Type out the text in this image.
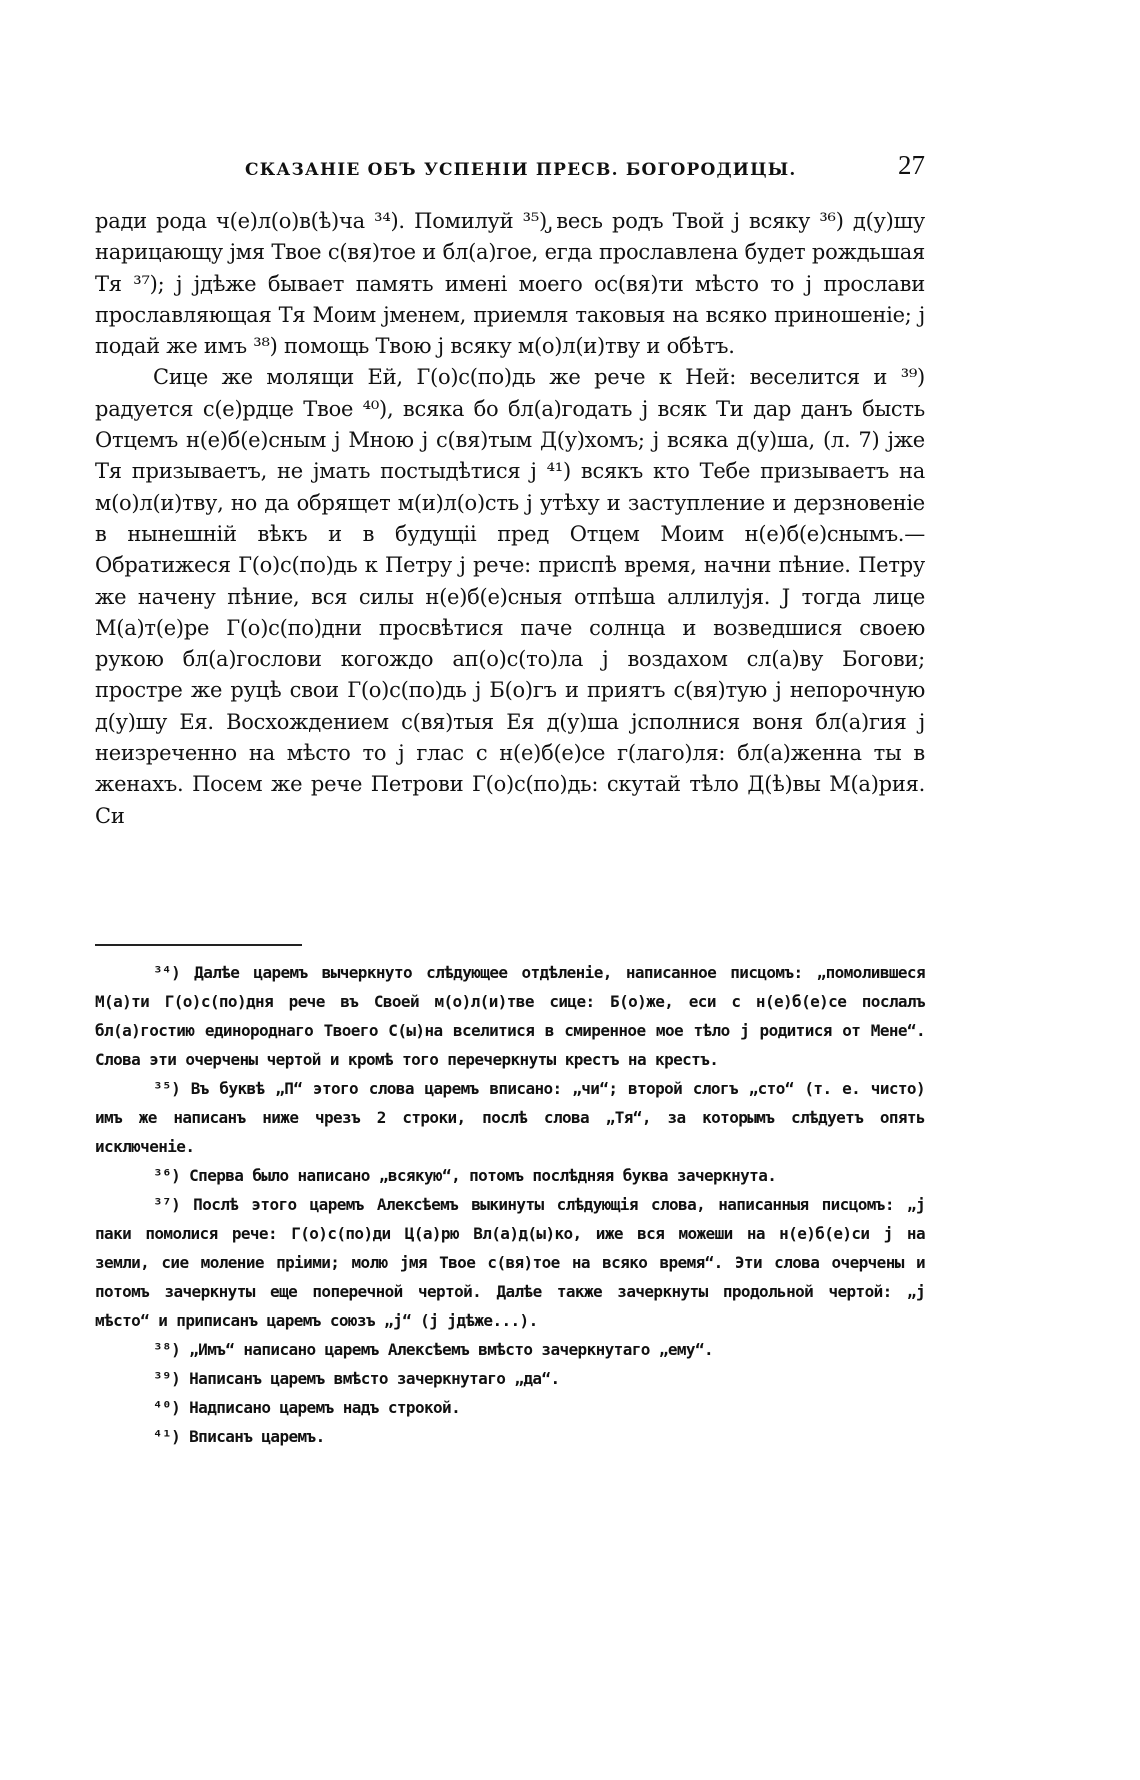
СКАЗАНІЕ ОБЪ УСПЕНІИ ПРЕСВ. БОГОРОДИЦЫ.	27

ради рода ч(е)л(о)в(ѣ)ча ³⁴). Помилуй ³⁵) ̡весь родъ Твой ј всяку ³⁶) д(у)шу нарицающу јмя Твое с(вя)тое и бл(а)гое, егда прославлена будет рождьшая Тя ³⁷); ј јдѣже бывает память имені моего ос(вя)ти мѣсто то ј прослави прославляющая Тя Моим јменем, приемля таковыя на всяко приношеніе; ј подай же имъ ³⁸) помощь Твою ј всяку м(о)л(и)тву и обѣтъ.

Сице же молящи Ей, Г(о)с(по)дь же рече к Ней: веселится и ³⁹) радуется с(е)рдце Твое ⁴⁰), всяка бо бл(а)годать ј всяк Ти дар данъ бысть Отцемъ н(е)б(е)сным ј Мною ј с(вя)тым Д(у)хомъ; ј всяка д(у)ша, (л. 7) јже Тя призываетъ, не јмать постыдѣтися ј ⁴¹) всякъ кто Тебе призываетъ на м(о)л(и)тву, но да обрящет м(и)л(о)сть ј утѣху и заступление и дерзновеніе в нынешній вѣкъ и в будущіі пред Отцем Моим н(е)б(е)снымъ.—Обратижеся Г(о)с(по)дь к Петру ј рече: приспѣ время, начни пѣние. Петру же начену пѣние, вся силы н(е)б(е)сныя отпѣша аллилујя. Ј тогда лице М(а)т(е)ре Г(о)с(по)дни просвѣтися паче солнца и возведшися своею рукою бл(а)гослови когождо ап(о)с(то)ла ј воздахом сл(а)ву Богови; простре же руцѣ свои Г(о)с(по)дь ј Б(о)гъ и приятъ с(вя)тую ј непорочную д(у)шу Ея. Восхождением с(вя)тыя Ея д(у)ша јсполнися воня бл(а)гия ј неизреченно на мѣсто то ј глас с н(е)б(е)се г(лаго)ля: бл(а)женна ты в женахъ. Посем же рече Петрови Г(о)с(по)дь: скутай тѣло Д(ѣ)вы М(а)рия. Си

³⁴) Далѣе царемъ вычеркнуто слѣдующее отдѣленіе, написанное писцомъ: „помолившеся М(а)ти Г(о)с(по)дня рече въ Своей м(о)л(и)тве сице: Б(о)же, еси с н(е)б(е)се послалъ бл(а)гостию единороднаго Твоего С(ы)на вселитися в смиренное мое тѣло ј родитися от Мене“. Слова эти очерчены чертой и кромѣ того перечеркнуты крестъ на крестъ.

³⁵) Въ буквѣ „П“ этого слова царемъ вписано: „чи“; второй слогъ „сто“ (т. е. чисто) имъ же написанъ ниже чрезъ 2 строки, послѣ слова „Тя“, за которымъ слѣдуетъ опять исключеніе.

³⁶) Сперва было написано „всякую“, потомъ послѣдняя буква зачеркнута.

³⁷) Послѣ этого царемъ Алексѣемъ выкинуты слѣдующія слова, написанныя писцомъ: „ј паки помолися рече: Г(о)с(по)ди Ц(а)рю Вл(а)д(ы)ко, иже вся можеши на н(е)б(е)си ј на земли, сие моление пріими; молю јмя Твое с(вя)тое на всяко время“. Эти слова очерчены и потомъ зачеркнуты еще поперечной чертой. Далѣе также зачеркнуты продольной чертой: „ј мѣсто“ и приписанъ царемъ союзъ „ј“ (ј јдѣже...).

³⁸) „Имъ“ написано царемъ Алексѣемъ вмѣсто зачеркнутаго „ему“.

³⁹) Написанъ царемъ вмѣсто зачеркнутаго „да“.

⁴⁰) Надписано царемъ надъ строкой.

⁴¹) Вписанъ царемъ.
